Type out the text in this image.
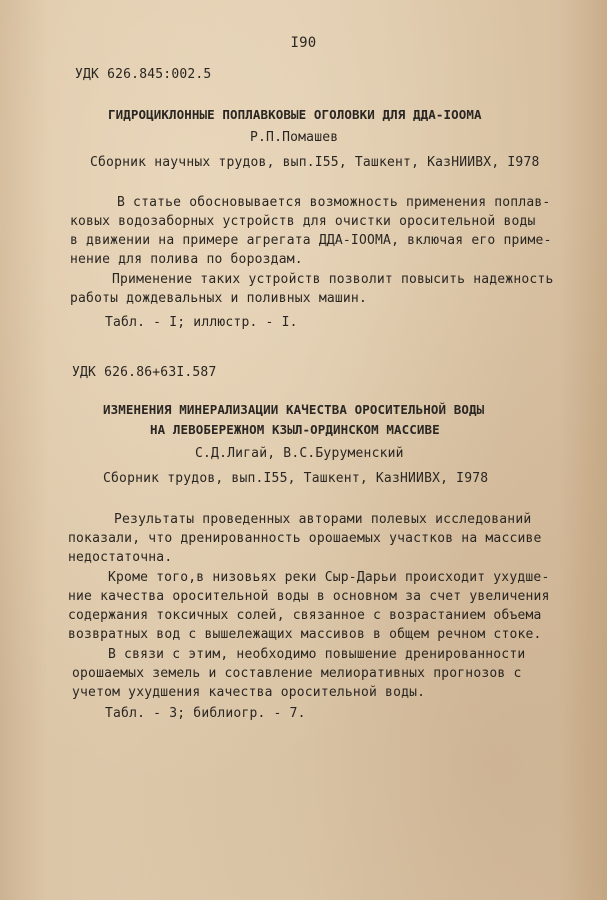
I90
УДК 626.845:002.5
ГИДРОЦИКЛОННЫЕ ПОПЛАВКОВЫЕ ОГОЛОВКИ ДЛЯ ДДА-IOOМА
Р.П.Помашев
Сборник научных трудов, вып.I55, Ташкент, КазНИИВХ, I978
В статье обосновывается возможность применения поплав-
ковых водозаборных устройств для очистки оросительной воды
в движении на примере агрегата ДДА-IOOМА, включая его приме-
нение для полива по бороздам.
Применение таких устройств позволит повысить надежность
работы дождевальных и поливных машин.
Табл. - I; иллюстр. - I.
УДК 626.86+63I.587
ИЗМЕНЕНИЯ МИНЕРАЛИЗАЦИИ КАЧЕСТВА ОРОСИТЕЛЬНОЙ ВОДЫ
НА ЛЕВОБЕРЕЖНОМ КЗЫЛ-ОРДИНСКОМ МАССИВЕ
С.Д.Лигай, В.С.Буруменский
Сборник трудов, вып.I55, Ташкент, КазНИИВХ, I978
Результаты проведенных авторами полевых исследований
показали, что дренированность орошаемых участков на массиве
недостаточна.
Кроме того,в низовьях реки Сыр-Дарьи происходит ухудше-
ние качества оросительной воды в основном за счет увеличения
содержания токсичных солей, связанное с возрастанием объема
возвратных вод с вышележащих массивов в общем речном стоке.
В связи с этим, необходимо повышение дренированности
орошаемых земель и составление мелиоративных прогнозов с
учетом ухудшения качества оросительной воды.
Табл. - 3; библиогр. - 7.
